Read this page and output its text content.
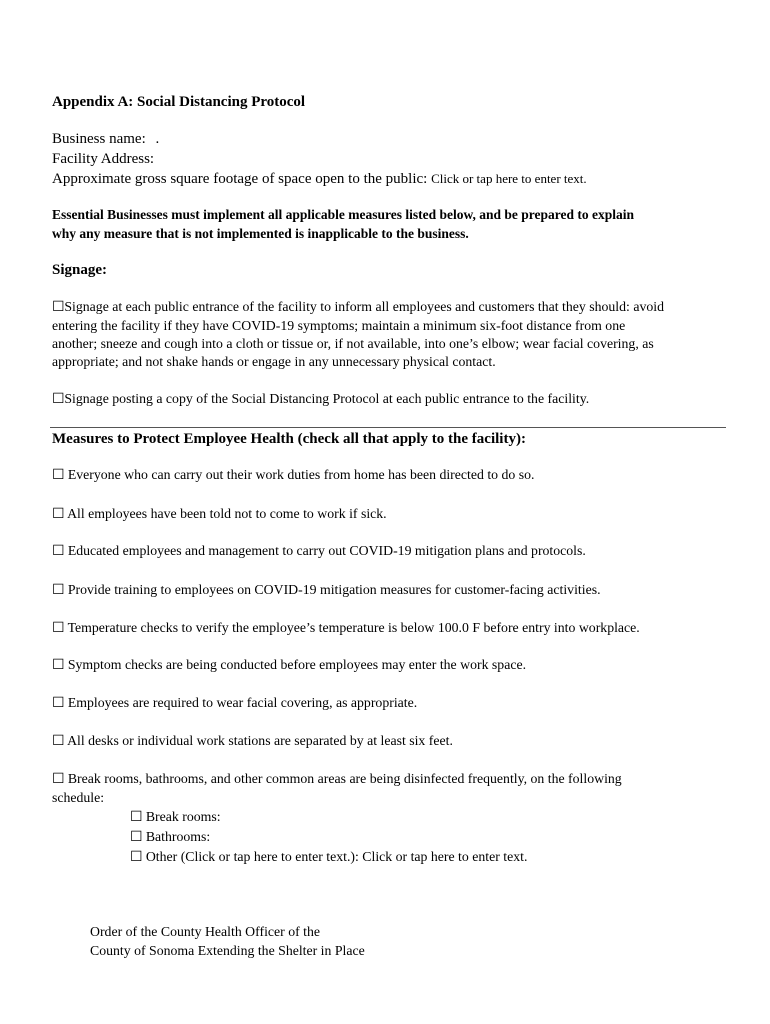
Appendix A: Social Distancing Protocol
Business name: .
Facility Address:
Approximate gross square footage of space open to the public: Click or tap here to enter text.
Essential Businesses must implement all applicable measures listed below, and be prepared to explain
why any measure that is not implemented is inapplicable to the business.
Signage:
☐Signage at each public entrance of the facility to inform all employees and customers that they should: avoid
entering the facility if they have COVID-19 symptoms; maintain a minimum six-foot distance from one
another; sneeze and cough into a cloth or tissue or, if not available, into one’s elbow; wear facial covering, as
appropriate; and not shake hands or engage in any unnecessary physical contact.
☐Signage posting a copy of the Social Distancing Protocol at each public entrance to the facility.
Measures to Protect Employee Health (check all that apply to the facility):
☐ Everyone who can carry out their work duties from home has been directed to do so.
☐ All employees have been told not to come to work if sick.
☐ Educated employees and management to carry out COVID-19 mitigation plans and protocols.
☐ Provide training to employees on COVID-19 mitigation measures for customer-facing activities.
☐ Temperature checks to verify the employee’s temperature is below 100.0 F before entry into workplace.
☐ Symptom checks are being conducted before employees may enter the work space.
☐ Employees are required to wear facial covering, as appropriate.
☐ All desks or individual work stations are separated by at least six feet.
☐ Break rooms, bathrooms, and other common areas are being disinfected frequently, on the following
schedule:
☐ Break rooms:
☐ Bathrooms:
☐ Other (Click or tap here to enter text.): Click or tap here to enter text.
Order of the County Health Officer of the
County of Sonoma Extending the Shelter in Place
